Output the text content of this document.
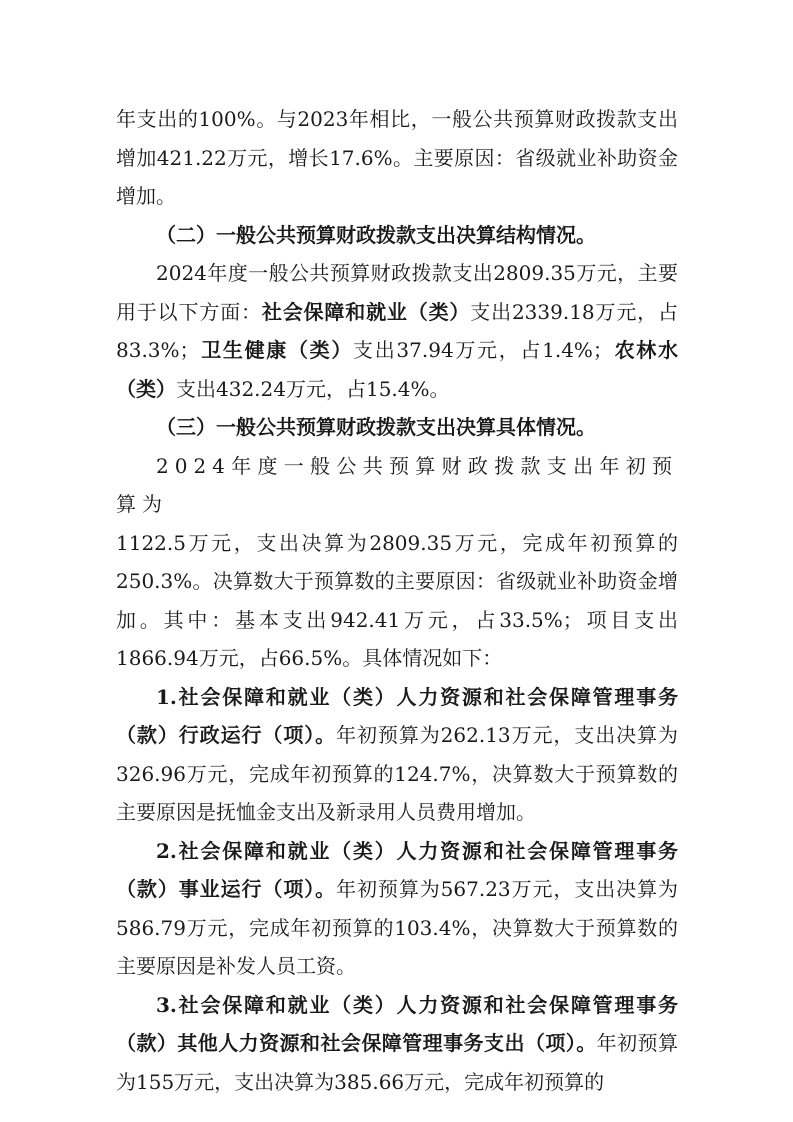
年支出的100%。与2023年相比，一般公共预算财政拨款支出增加421.22万元，增长17.6%。主要原因：省级就业补助资金增加。

（二）一般公共预算财政拨款支出决算结构情况。

2024年度一般公共预算财政拨款支出2809.35万元，主要用于以下方面：社会保障和就业（类）支出2339.18万元，占83.3%；卫生健康（类）支出37.94万元，占1.4%；农林水（类）支出432.24万元，占15.4%。

（三）一般公共预算财政拨款支出决算具体情况。

2024年度一般公共预算财政拨款支出年初预算为

1122.5万元，支出决算为2809.35万元，完成年初预算的250.3%。决算数大于预算数的主要原因：省级就业补助资金增加。其中：基本支出942.41万元，占33.5%；项目支出1866.94万元，占66.5%。具体情况如下：

1.社会保障和就业（类）人力资源和社会保障管理事务（款）行政运行（项）。年初预算为262.13万元，支出决算为326.96万元，完成年初预算的124.7%，决算数大于预算数的主要原因是抚恤金支出及新录用人员费用增加。

2.社会保障和就业（类）人力资源和社会保障管理事务（款）事业运行（项）。年初预算为567.23万元，支出决算为586.79万元，完成年初预算的103.4%，决算数大于预算数的主要原因是补发人员工资。

3.社会保障和就业（类）人力资源和社会保障管理事务（款）其他人力资源和社会保障管理事务支出（项）。年初预算为155万元，支出决算为385.66万元，完成年初预算的
